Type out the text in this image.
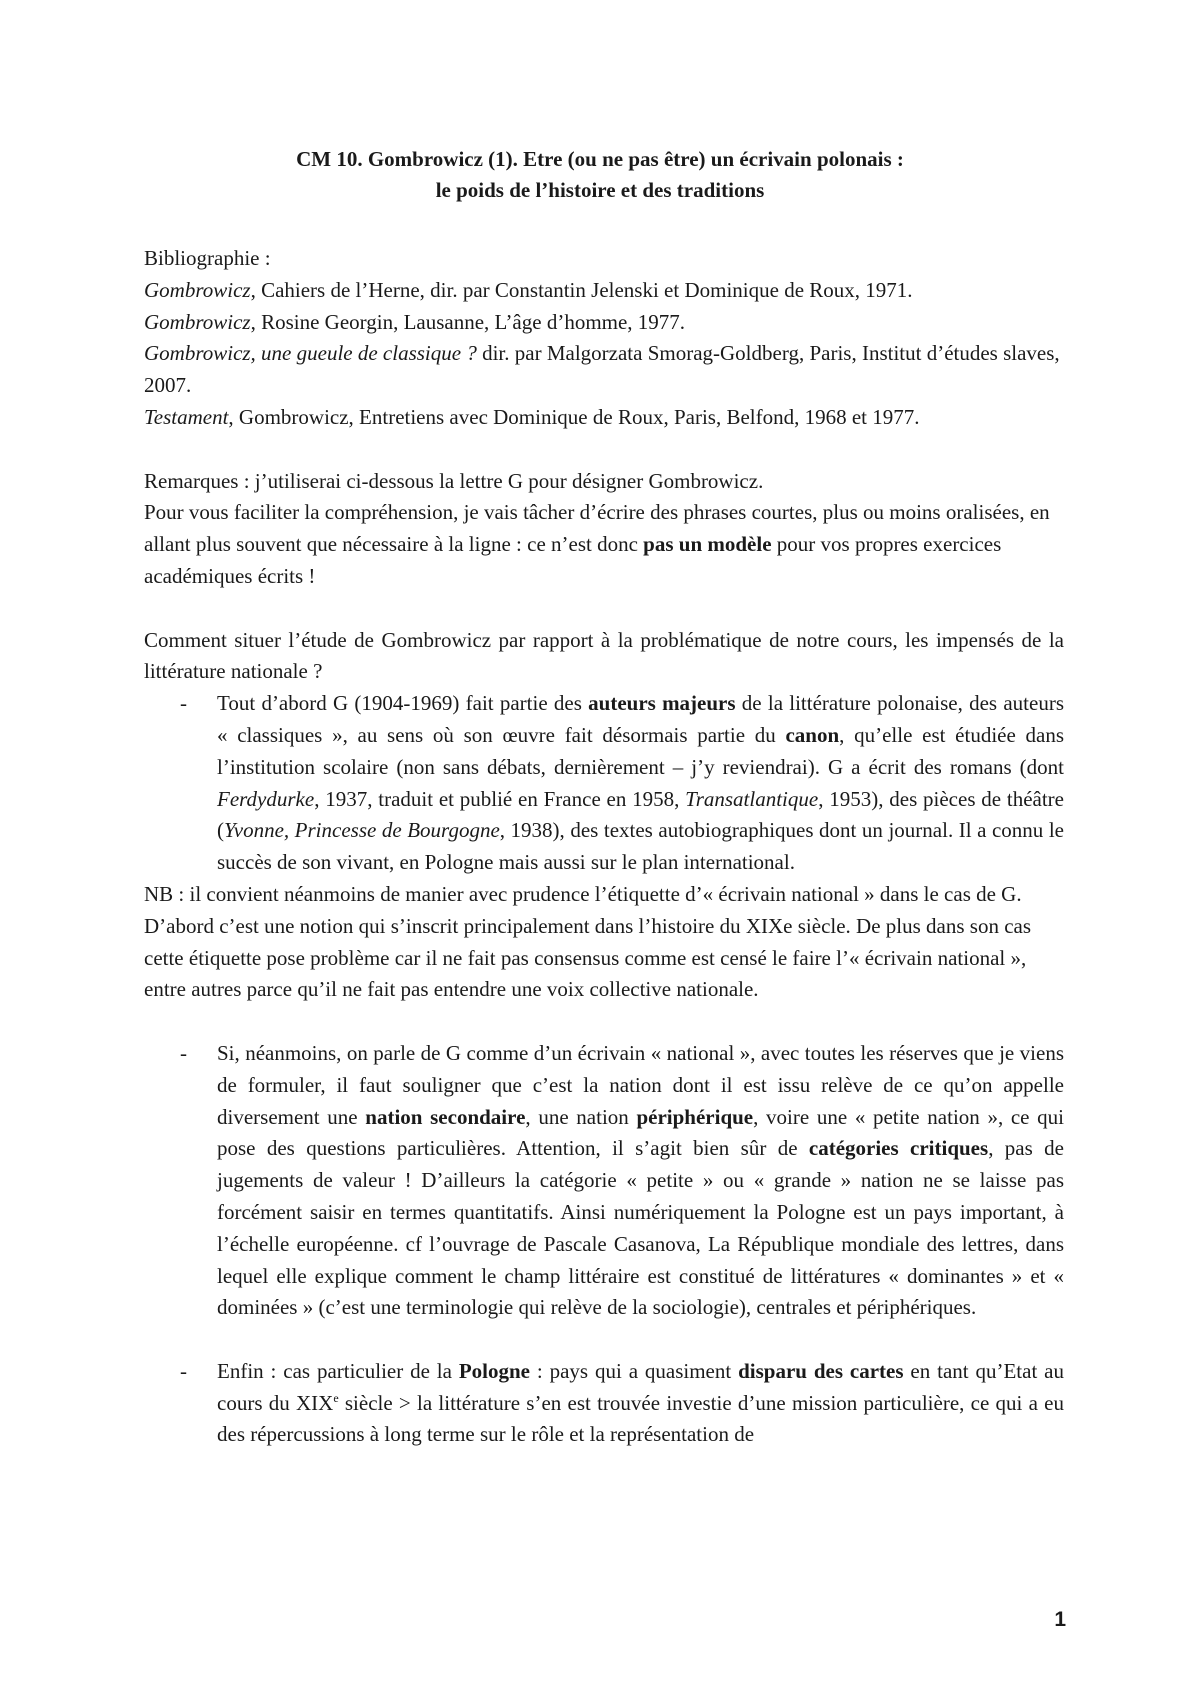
CM 10. Gombrowicz (1). Etre (ou ne pas être) un écrivain polonais :
le poids de l’histoire et des traditions

Bibliographie :

Gombrowicz, Cahiers de l’Herne, dir. par Constantin Jelenski et Dominique de Roux, 1971.

Gombrowicz, Rosine Georgin, Lausanne, L’âge d’homme, 1977.

Gombrowicz, une gueule de classique ? dir. par Malgorzata Smorag-Goldberg, Paris, Institut d’études slaves, 2007.

Testament, Gombrowicz, Entretiens avec Dominique de Roux, Paris, Belfond, 1968 et 1977.

Remarques : j’utiliserai ci-dessous la lettre G pour désigner Gombrowicz.

Pour vous faciliter la compréhension, je vais tâcher d’écrire des phrases courtes, plus ou moins oralisées, en allant plus souvent que nécessaire à la ligne : ce n’est donc pas un modèle pour vos propres exercices académiques écrits !

Comment situer l’étude de Gombrowicz par rapport à la problématique de notre cours, les impensés de la littérature nationale ?

- Tout d’abord G (1904-1969) fait partie des auteurs majeurs de la littérature polonaise, des auteurs « classiques », au sens où son œuvre fait désormais partie du canon, qu’elle est étudiée dans l’institution scolaire (non sans débats, dernièrement – j’y reviendrai). G a écrit des romans (dont Ferdydurke, 1937, traduit et publié en France en 1958, Transatlantique, 1953), des pièces de théâtre (Yvonne, Princesse de Bourgogne, 1938), des textes autobiographiques dont un journal. Il a connu le succès de son vivant, en Pologne mais aussi sur le plan international.

NB : il convient néanmoins de manier avec prudence l’étiquette d’« écrivain national » dans le cas de G. D’abord c’est une notion qui s’inscrit principalement dans l’histoire du XIXe siècle. De plus dans son cas cette étiquette pose problème car il ne fait pas consensus comme est censé le faire l’« écrivain national », entre autres parce qu’il ne fait pas entendre une voix collective nationale.

- Si, néanmoins, on parle de G comme d’un écrivain « national », avec toutes les réserves que je viens de formuler, il faut souligner que c’est la nation dont il est issu relève de ce qu’on appelle diversement une nation secondaire, une nation périphérique, voire une « petite nation », ce qui pose des questions particulières. Attention, il s’agit bien sûr de catégories critiques, pas de jugements de valeur ! D’ailleurs la catégorie « petite » ou « grande » nation ne se laisse pas forcément saisir en termes quantitatifs. Ainsi numériquement la Pologne est un pays important, à l’échelle européenne. cf l’ouvrage de Pascale Casanova, La République mondiale des lettres, dans lequel elle explique comment le champ littéraire est constitué de littératures « dominantes » et « dominées » (c’est une terminologie qui relève de la sociologie), centrales et périphériques.
- Enfin : cas particulier de la Pologne : pays qui a quasiment disparu des cartes en tant qu’Etat au cours du XIXe siècle > la littérature s’en est trouvée investie d’une mission particulière, ce qui a eu des répercussions à long terme sur le rôle et la représentation de
1
